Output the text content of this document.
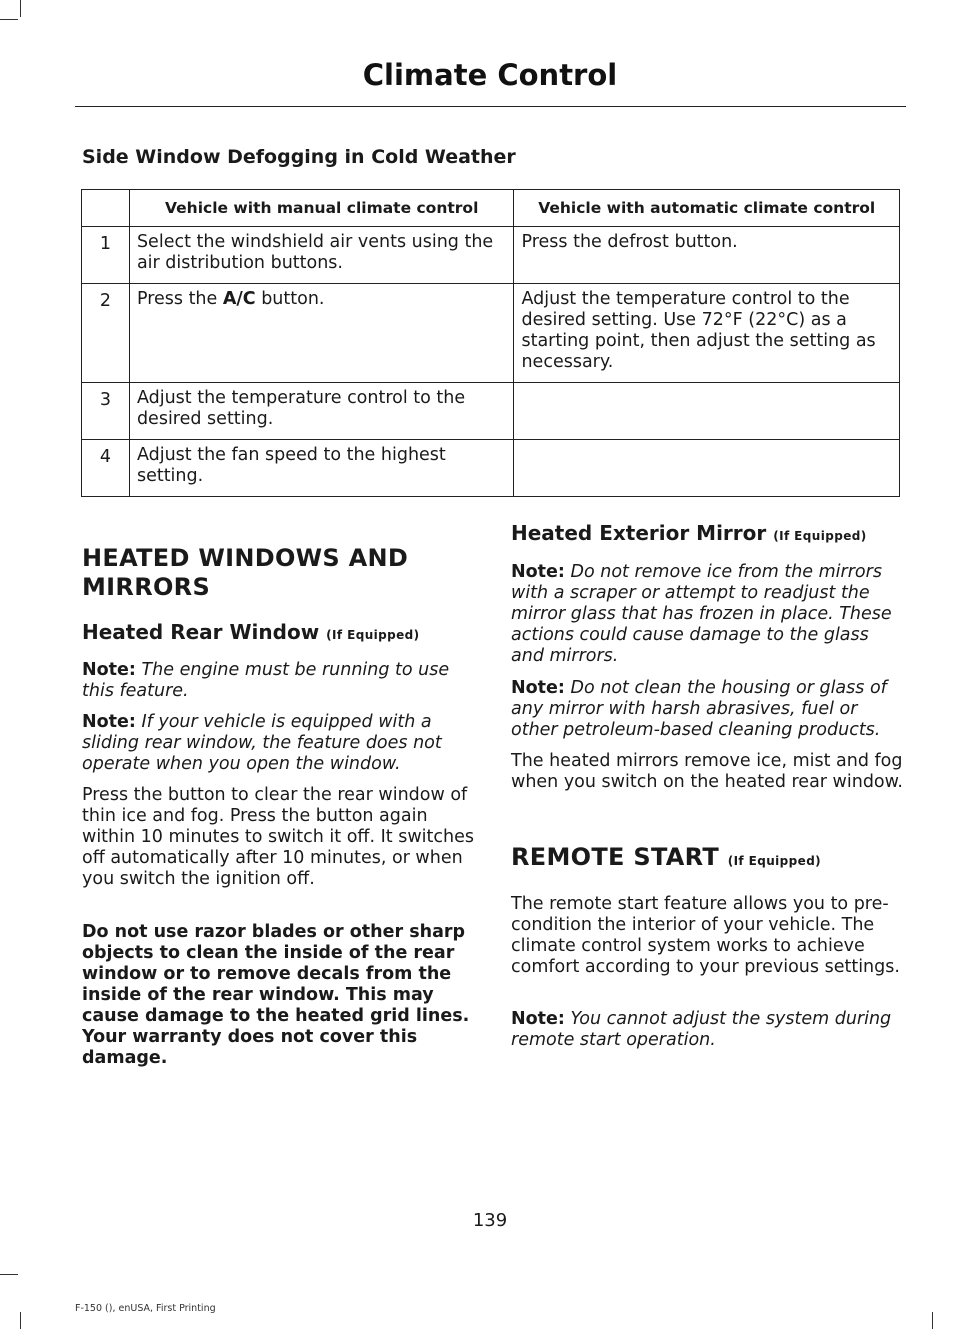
Climate Control
Side Window Defogging in Cold Weather
	Vehicle with manual climate control	Vehicle with automatic climate control
1	Select the windshield air vents using the air distribution buttons.	Press the defrost button.

2	Press the A/C button.	Adjust the temperature control to the desired setting. Use 72°F (22°C) as a starting point, then adjust the setting as necessary.

3	Adjust the temperature control to the desired setting.	

4	Adjust the fan speed to the highest setting.	

HEATED WINDOWS AND MIRRORS
Heated Rear Window (If Equipped)

Note: The engine must be running to use this feature.

Note: If your vehicle is equipped with a sliding rear window, the feature does not operate when you open the window.

Press the button to clear the rear window of thin ice and fog. Press the button again within 10 minutes to switch it off. It switches off automatically after 10 minutes, or when you switch the ignition off.

Do not use razor blades or other sharp objects to clean the inside of the rear window or to remove decals from the inside of the rear window. This may cause damage to the heated grid lines. Your warranty does not cover this damage.

Heated Exterior Mirror (If Equipped)

Note: Do not remove ice from the mirrors with a scraper or attempt to readjust the mirror glass that has frozen in place. These actions could cause damage to the glass and mirrors.

Note: Do not clean the housing or glass of any mirror with harsh abrasives, fuel or other petroleum-based cleaning products.

The heated mirrors remove ice, mist and fog when you switch on the heated rear window.

REMOTE START (If Equipped)

The remote start feature allows you to pre-condition the interior of your vehicle. The climate control system works to achieve comfort according to your previous settings.

Note: You cannot adjust the system during remote start operation.

139
F-150 (), enUSA, First Printing
